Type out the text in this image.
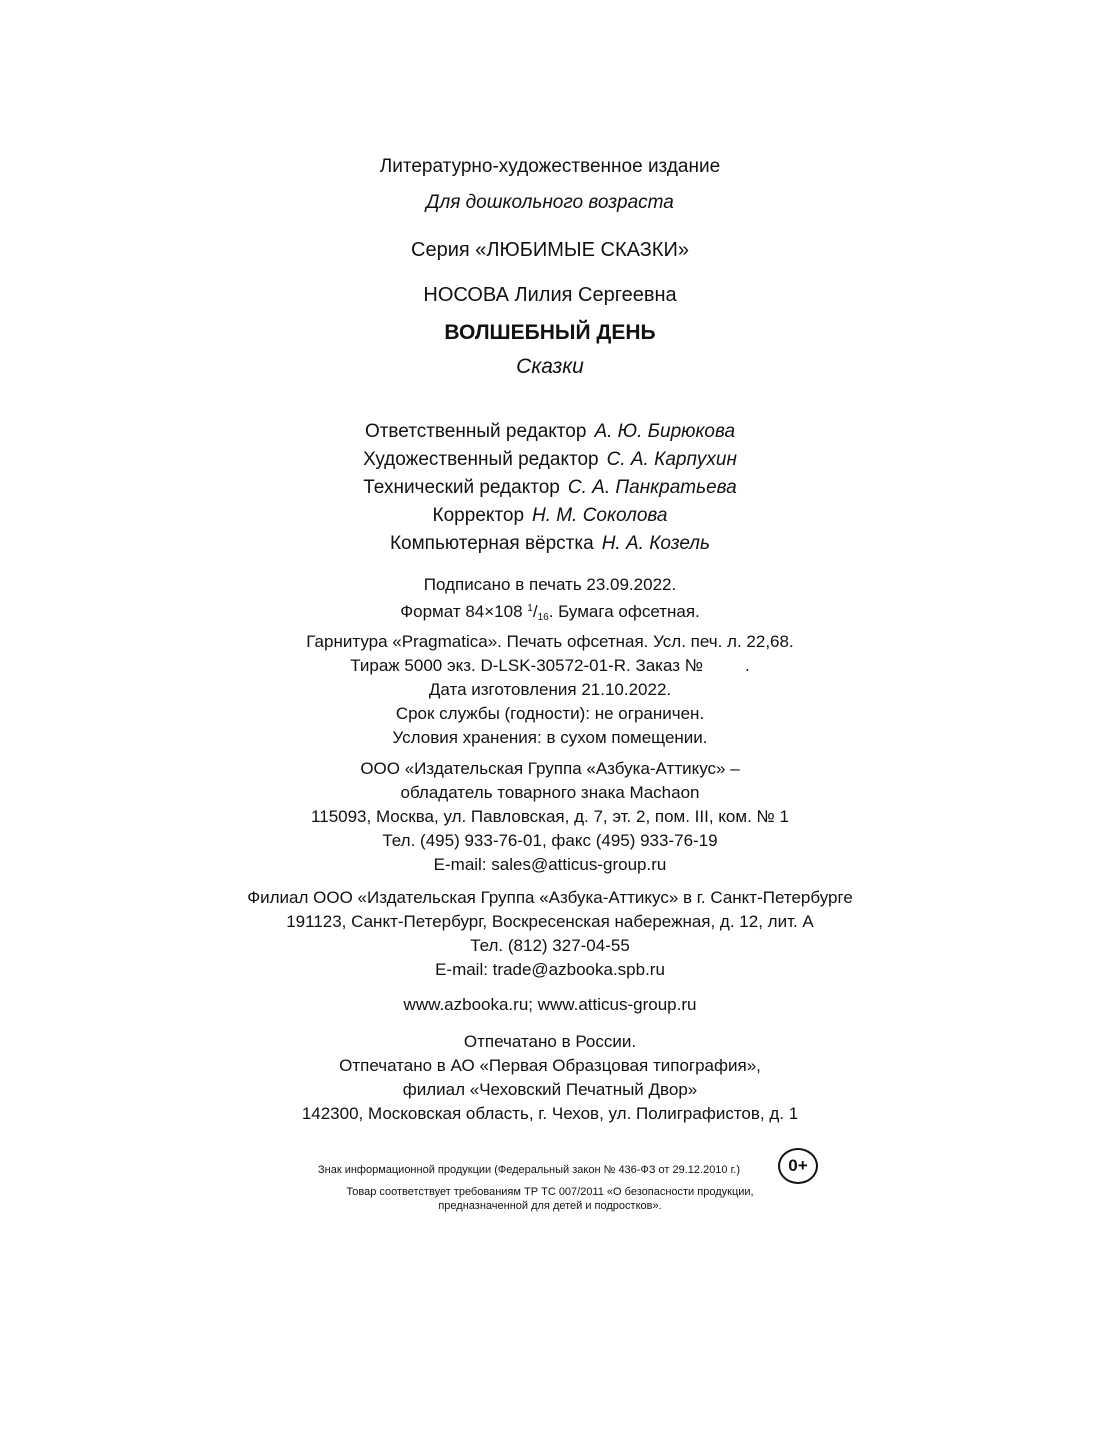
Литературно-художественное издание
Для дошкольного возраста
Серия «ЛЮБИМЫЕ СКАЗКИ»
НОСОВА Лилия Сергеевна
ВОЛШЕБНЫЙ ДЕНЬ
Сказки
Ответственный редактор А. Ю. Бирюкова
Художественный редактор С. А. Карпухин
Технический редактор С. А. Панкратьева
Корректор Н. М. Соколова
Компьютерная вёрстка Н. А. Козель
Подписано в печать 23.09.2022.
Формат 84×108 $^1/_{16}$. Бумага офсетная.
Гарнитура «Pragmatica». Печать офсетная. Усл. печ. л. 22,68.
Тираж 5000 экз. D-LSK-30572-01-R. Заказ № .
Дата изготовления 21.10.2022.
Срок службы (годности): не ограничен.
Условия хранения: в сухом помещении.
ООО «Издательская Группа «Азбука-Аттикус» –
обладатель товарного знака Machaon
115093, Москва, ул. Павловская, д. 7, эт. 2, пом. III, ком. № 1
Тел. (495) 933-76-01, факс (495) 933-76-19
E-mail: sales@atticus-group.ru
Филиал ООО «Издательская Группа «Азбука-Аттикус» в г. Санкт-Петербурге
191123, Санкт-Петербург, Воскресенская набережная, д. 12, лит. А
Тел. (812) 327-04-55
E-mail: trade@azbooka.spb.ru
www.azbooka.ru; www.atticus-group.ru
Отпечатано в России.
Отпечатано в АО «Первая Образцовая типография»,
филиал «Чеховский Печатный Двор»
142300, Московская область, г. Чехов, ул. Полиграфистов, д. 1
Знак информационной продукции (Федеральный закон № 436-ФЗ от 29.12.2010 г.)
Товар соответствует требованиям ТР ТС 007/2011 «О безопасности продукции,
предназначенной для детей и подростков».
0+
